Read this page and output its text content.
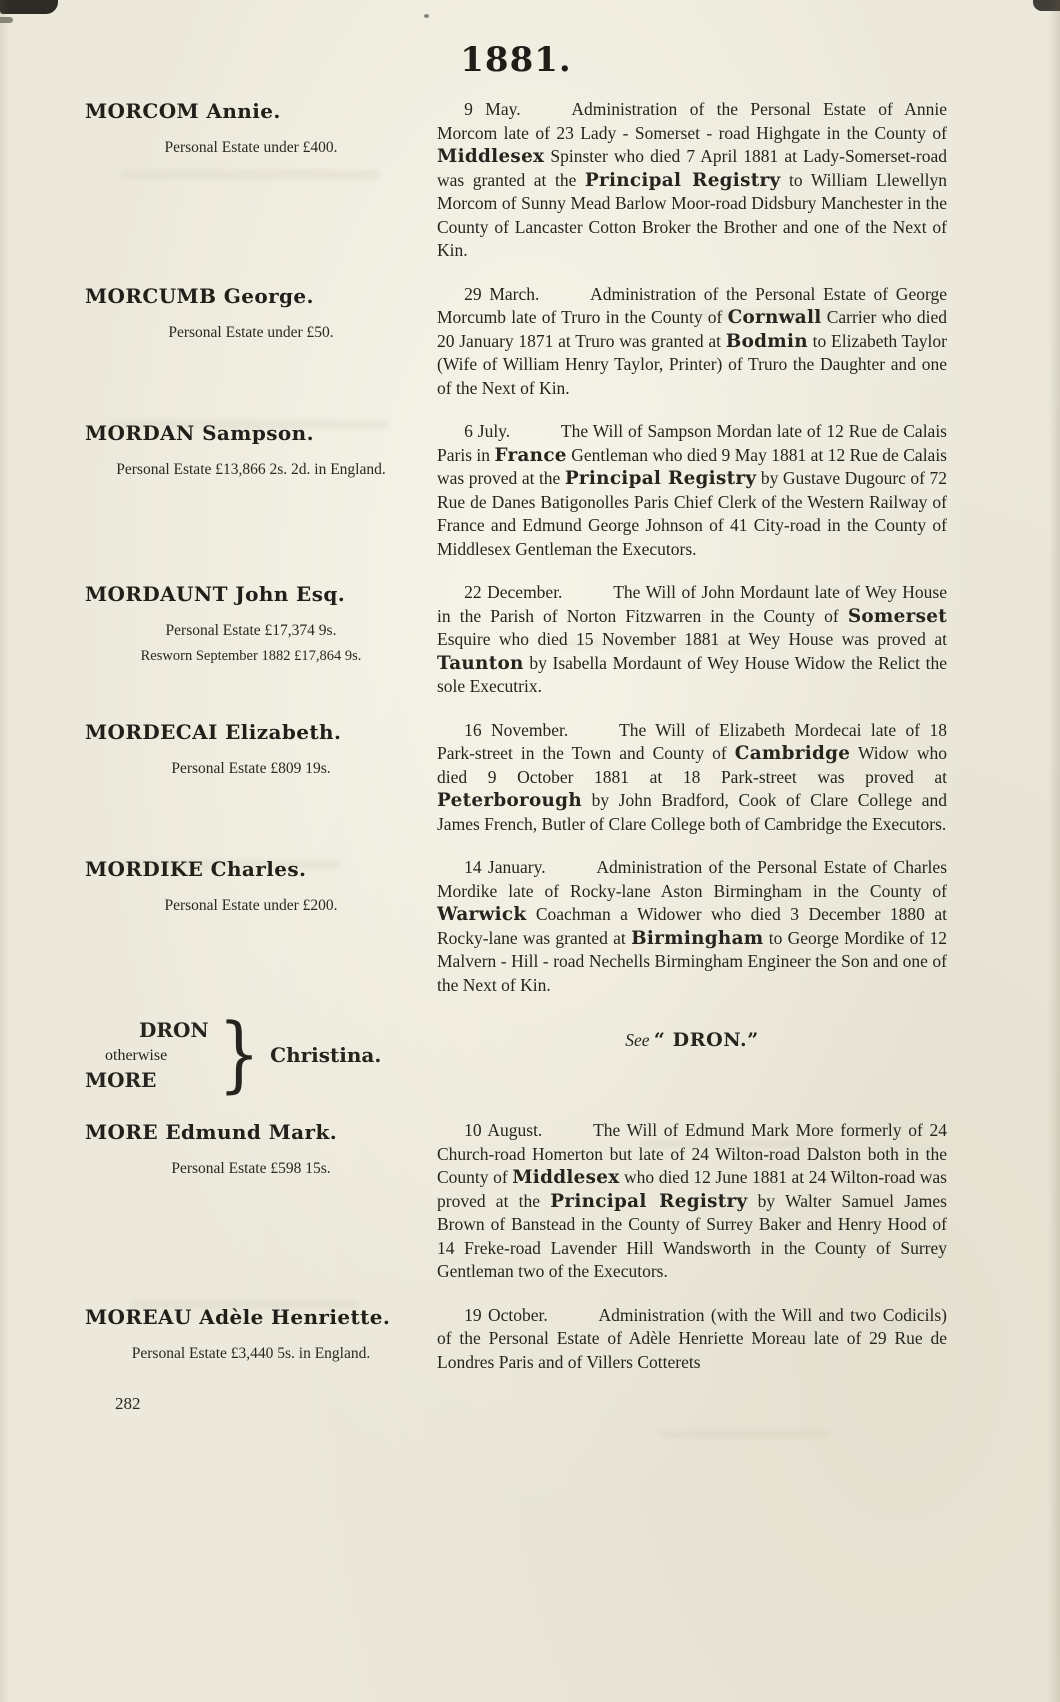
1881.
MORCOM Annie.
Personal Estate under £400.

9 May.	Administration of the Personal Estate of Annie Morcom late of 23 Lady - Somerset - road Highgate in the County of Middlesex Spinster who died 7 April 1881 at Lady-Somerset-road was granted at the Principal Registry to William Llewellyn Morcom of Sunny Mead Barlow Moor-road Didsbury Manchester in the County of Lancaster Cotton Broker the Brother and one of the Next of Kin.

MORCUMB George.
Personal Estate under £50.

29 March.	Administration of the Personal Estate of George Morcumb late of Truro in the County of Cornwall Carrier who died 20 January 1871 at Truro was granted at Bodmin to Elizabeth Taylor (Wife of William Henry Taylor, Printer) of Truro the Daughter and one of the Next of Kin.

MORDAN Sampson.
Personal Estate £13,866 2s. 2d. in England.

6 July.	The Will of Sampson Mordan late of 12 Rue de Calais Paris in France Gentleman who died 9 May 1881 at 12 Rue de Calais was proved at the Principal Registry by Gustave Dugourc of 72 Rue de Danes Batigonolles Paris Chief Clerk of the Western Railway of France and Edmund George Johnson of 41 City-road in the County of Middlesex Gentleman the Executors.

MORDAUNT John Esq.
Personal Estate £17,374 9s.
Resworn September 1882 £17,864 9s.

22 December.	The Will of John Mordaunt late of Wey House in the Parish of Norton Fitzwarren in the County of Somerset Esquire who died 15 November 1881 at Wey House was proved at Taunton by Isabella Mordaunt of Wey House Widow the Relict the sole Executrix.

MORDECAI Elizabeth.
Personal Estate £809 19s.

16 November.	The Will of Elizabeth Mordecai late of 18 Park-street in the Town and County of Cambridge Widow who died 9 October 1881 at 18 Park-street was proved at Peterborough by John Bradford, Cook of Clare College and James French, Butler of Clare College both of Cambridge the Executors.

MORDIKE Charles.
Personal Estate under £200.

14 January.	Administration of the Personal Estate of Charles Mordike late of Rocky-lane Aston Birmingham in the County of Warwick Coachman a Widower who died 3 December 1880 at Rocky-lane was granted at Birmingham to George Mordike of 12 Malvern - Hill - road Nechells Birmingham Engineer the Son and one of the Next of Kin.

DRON
otherwise
MORE } Christina.

See “ DRON.”

MORE Edmund Mark.
Personal Estate £598 15s.

10 August.	The Will of Edmund Mark More formerly of 24 Church-road Homerton but late of 24 Wilton-road Dalston both in the County of Middlesex who died 12 June 1881 at 24 Wilton-road was proved at the Principal Registry by Walter Samuel James Brown of Banstead in the County of Surrey Baker and Henry Hood of 14 Freke-road Lavender Hill Wandsworth in the County of Surrey Gentleman two of the Executors.

MOREAU Adèle Henriette.
Personal Estate £3,440 5s. in England.

19 October.	Administration (with the Will and two Codicils) of the Personal Estate of Adèle Henriette Moreau late of 29 Rue de Londres Paris and of Villers Cotterets

282
